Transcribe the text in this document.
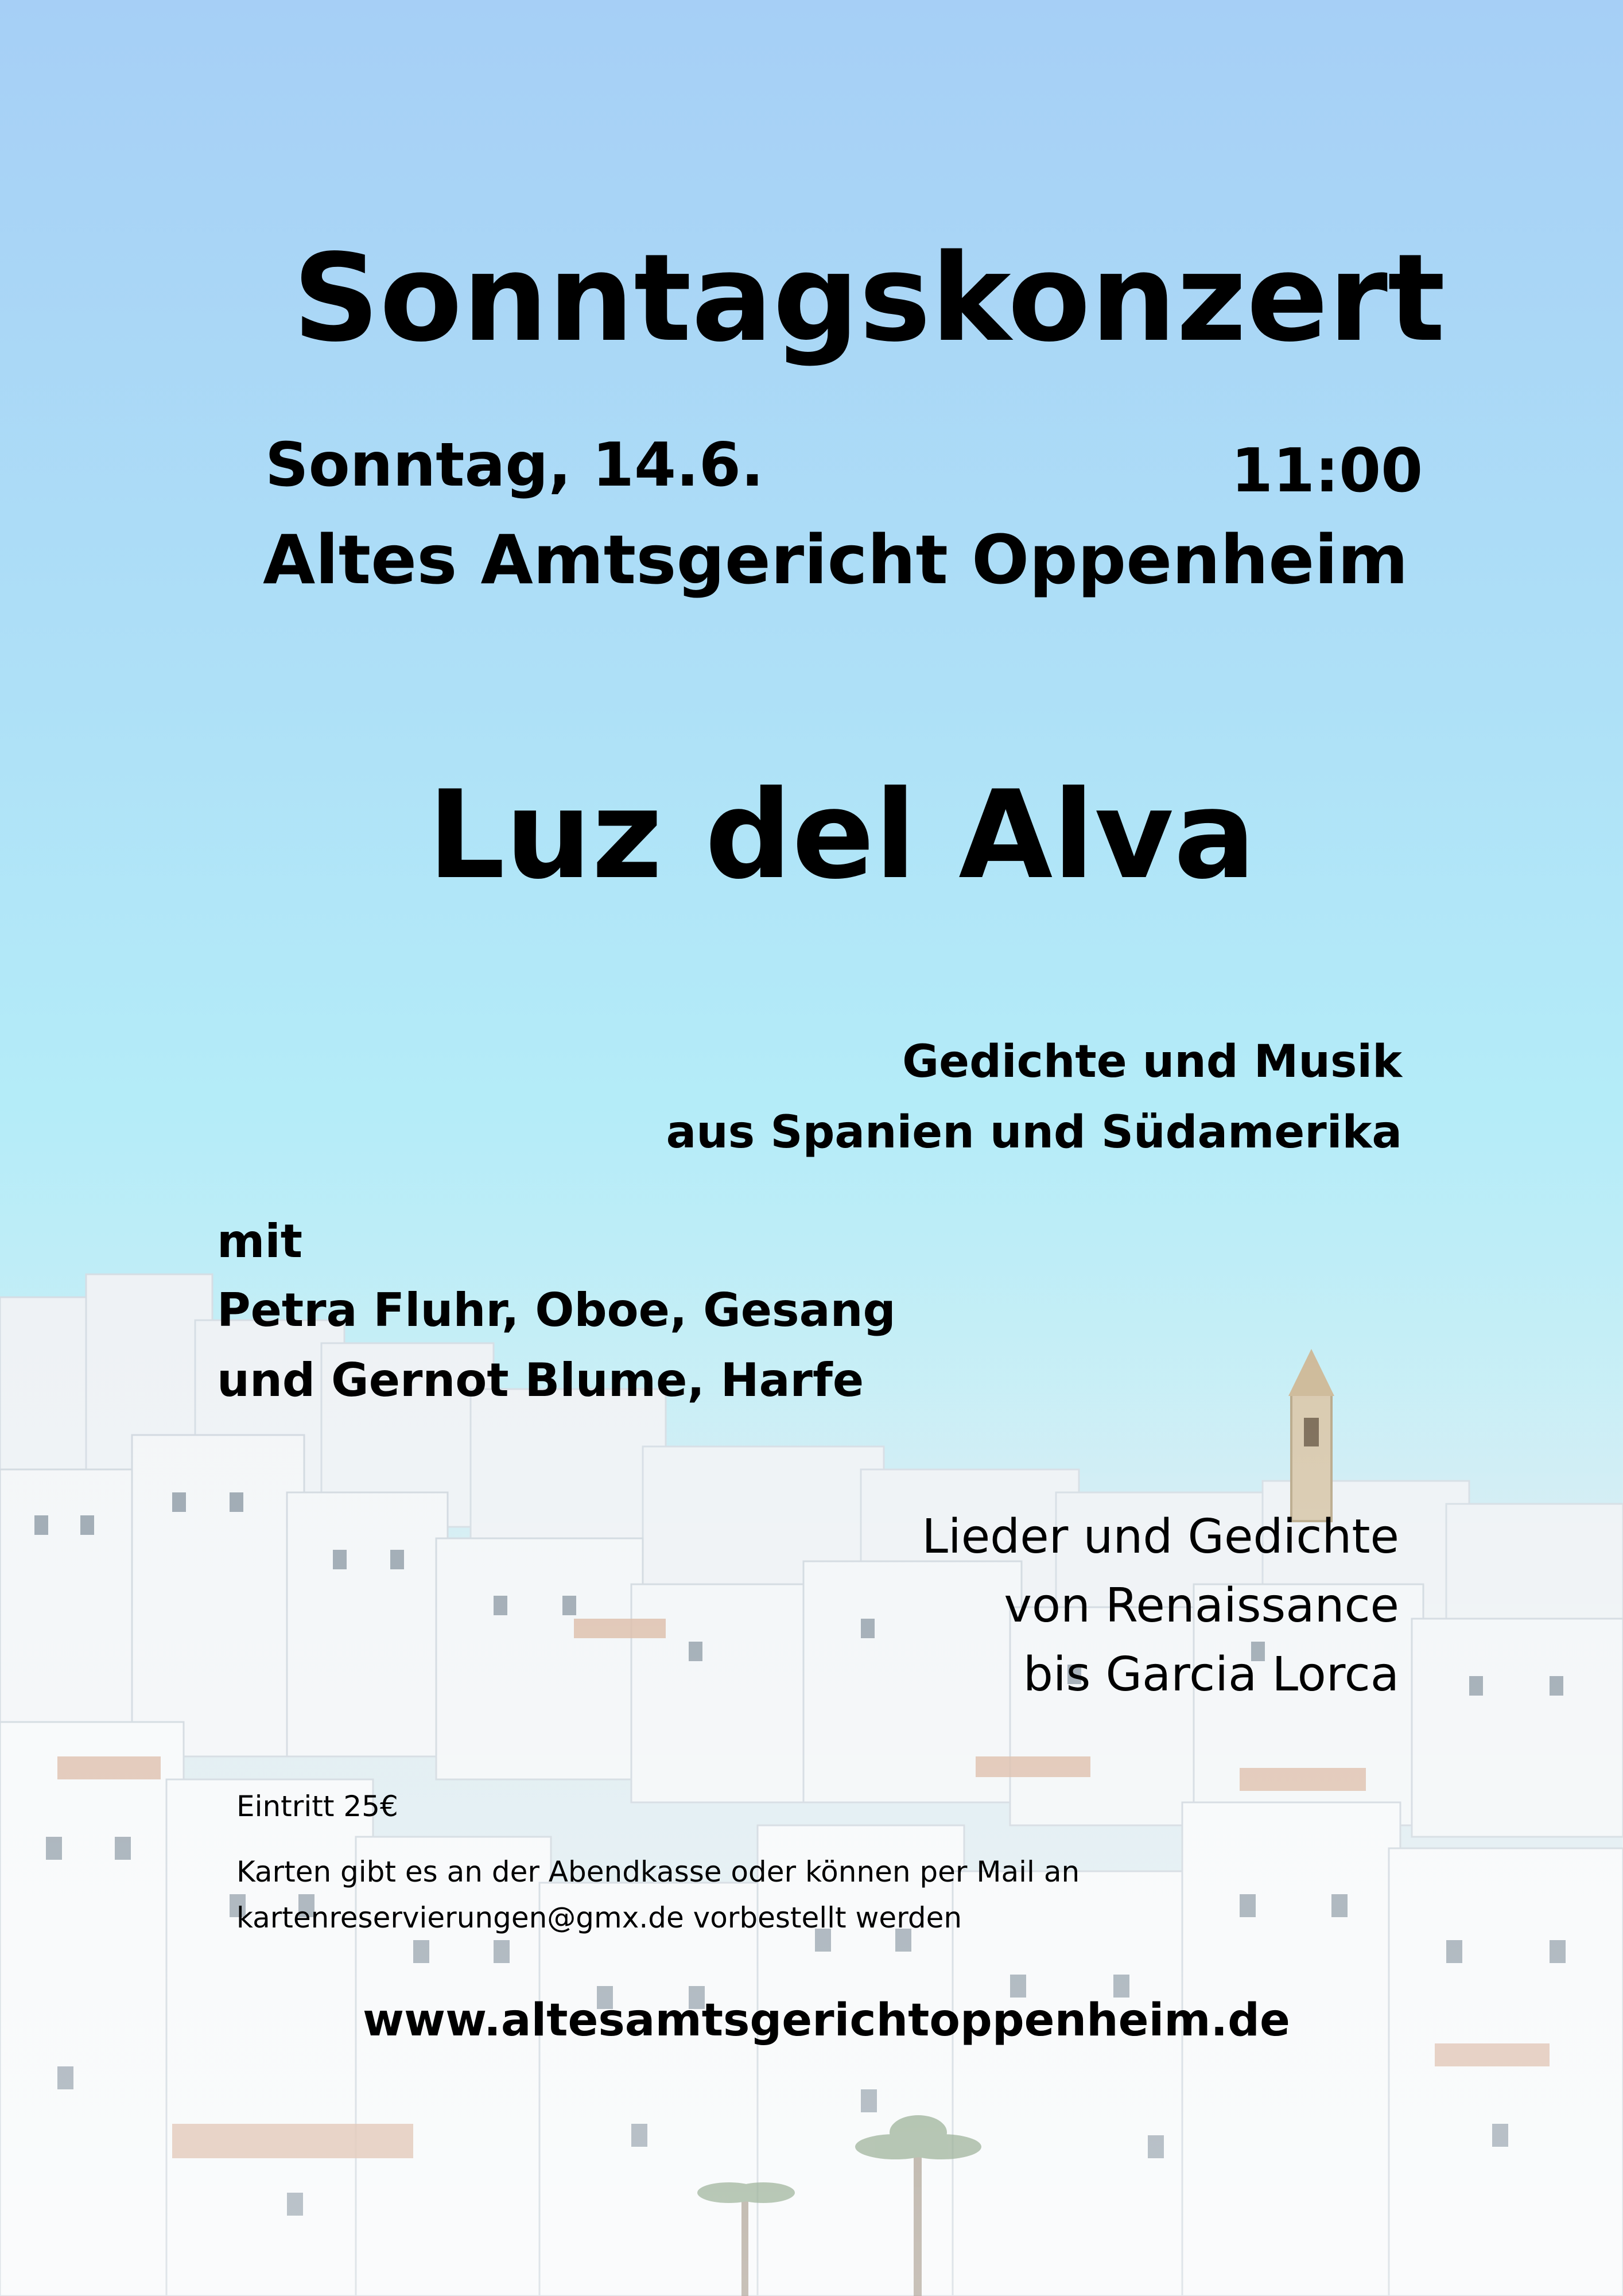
Sonntagskonzert
Sonntag, 14.6.	11:00
Altes Amtsgericht Oppenheim
Luz del Alva
Gedichte und Musik
aus Spanien und Südamerika
mit
Petra Fluhr, Oboe, Gesang
und Gernot Blume, Harfe
Lieder und Gedichte
von Renaissance
bis Garcia Lorca
Eintritt 25€
Karten gibt es an der Abendkasse oder können per Mail an
kartenreservierungen@gmx.de vorbestellt werden
www.altesamtsgerichtoppenheim.de
